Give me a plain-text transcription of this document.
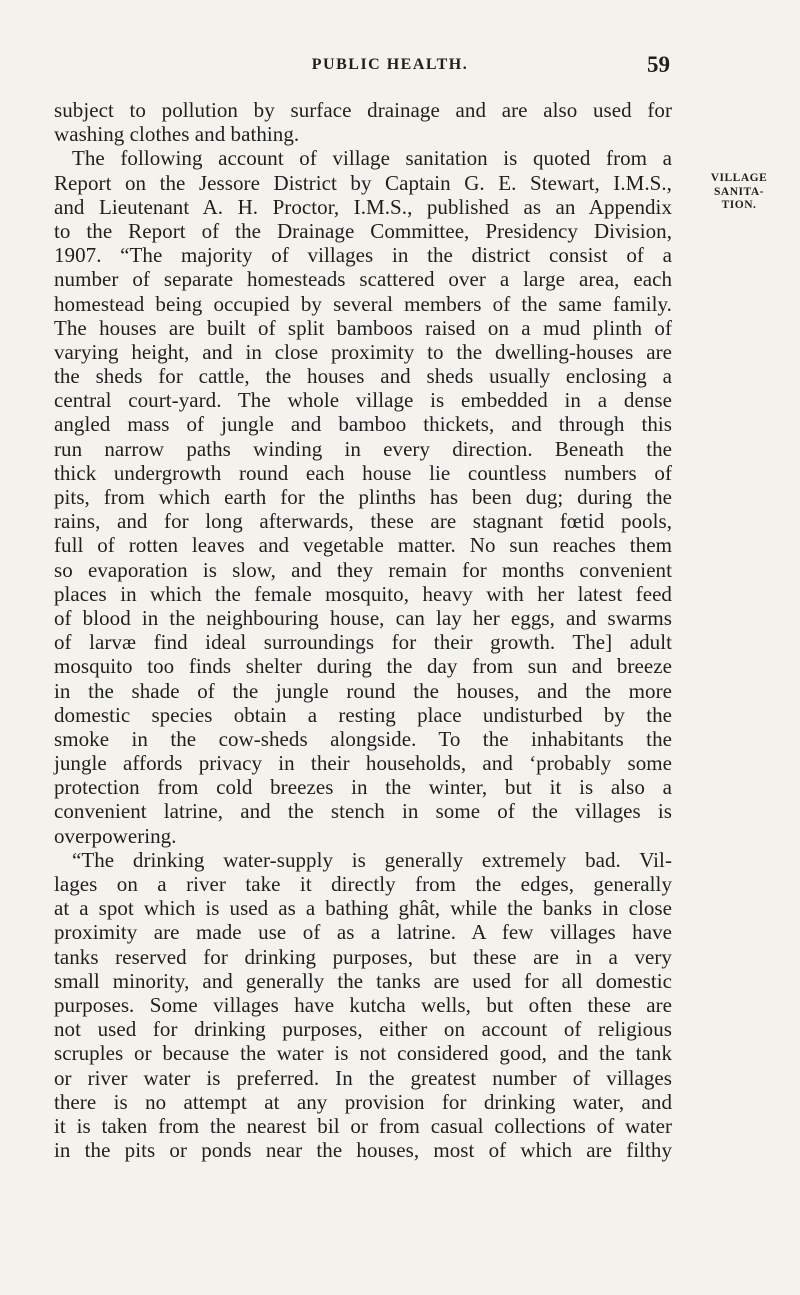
PUBLIC HEALTH.	59
VILLAGE
SANITA-
TION.
subject to pollution by surface drainage and are also used for
washing clothes and bathing.
The following account of village sanitation is quoted from a
Report on the Jessore District by Captain G. E. Stewart, I.M.S.,
and Lieutenant A. H. Proctor, I.M.S., published as an Appendix
to the Report of the Drainage Committee, Presidency Division,
1907. “The majority of villages in the district consist of a
number of separate homesteads scattered over a large area, each
homestead being occupied by several members of the same family.
The houses are built of split bamboos raised on a mud plinth of
varying height, and in close proximity to the dwelling-houses are
the sheds for cattle, the houses and sheds usually enclosing a
central court-yard. The whole village is embedded in a dense
angled mass of jungle and bamboo thickets, and through this
run narrow paths winding in every direction. Beneath the
thick undergrowth round each house lie countless numbers of
pits, from which earth for the plinths has been dug; during the
rains, and for long afterwards, these are stagnant fœtid pools,
full of rotten leaves and vegetable matter. No sun reaches them
so evaporation is slow, and they remain for months convenient
places in which the female mosquito, heavy with her latest feed
of blood in the neighbouring house, can lay her eggs, and swarms
of larvæ find ideal surroundings for their growth. The] adult
mosquito too finds shelter during the day from sun and breeze
in the shade of the jungle round the houses, and the more
domestic species obtain a resting place undisturbed by the
smoke in the cow-sheds alongside. To the inhabitants the
jungle affords privacy in their households, and ‘probably some
protection from cold breezes in the winter, but it is also a
convenient latrine, and the stench in some of the villages is
overpowering.
“The drinking water-supply is generally extremely bad. Vil-
lages on a river take it directly from the edges, generally
at a spot which is used as a bathing ghât, while the banks in close
proximity are made use of as a latrine. A few villages have
tanks reserved for drinking purposes, but these are in a very
small minority, and generally the tanks are used for all domestic
purposes. Some villages have kutcha wells, but often these are
not used for drinking purposes, either on account of religious
scruples or because the water is not considered good, and the tank
or river water is preferred. In the greatest number of villages
there is no attempt at any provision for drinking water, and
it is taken from the nearest bil or from casual collections of water
in the pits or ponds near the houses, most of which are filthy
